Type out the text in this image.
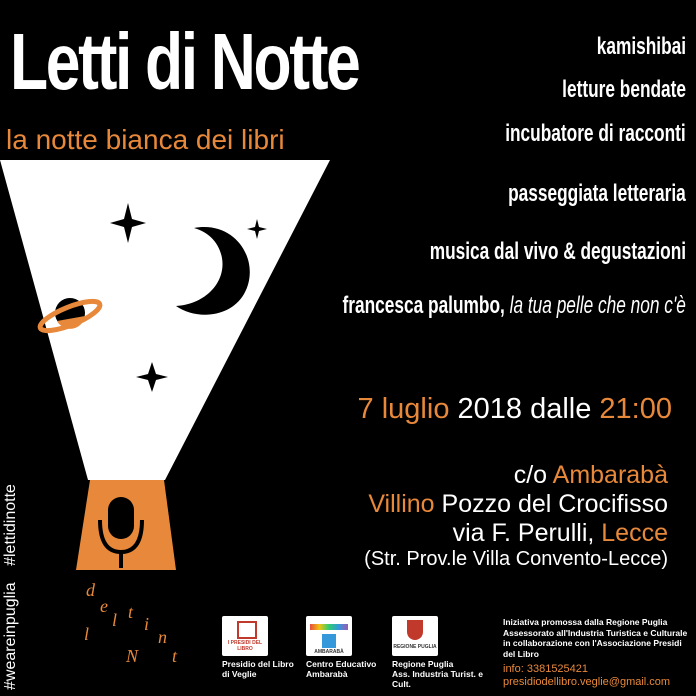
d
e
l
l t
i
n
t
N
Letti di Notte
la notte bianca dei libri
kamishibai
letture bendate
incubatore di racconti
passeggiata letteraria
musica dal vivo & degustazioni
francesca palumbo, la tua pelle che non c'è
7 luglio 2018 dalle 21:00
c/o Ambarabà
Villino Pozzo del Crocifisso
via F. Perulli, Lecce
(Str. Prov.le Villa Convento-Lecce)
#weareinpuglia #lettidinotte
I PRESIDI DEL LIBRO
Presidio del Libro
di Veglie
AMBARABÀ
Centro Educativo
Ambarabà
REGIONE PUGLIA
Regione Puglia
Ass. Industria Turist. e Cult.
Iniziativa promossa dalla Regione Puglia
Assessorato all'Industria Turistica e Culturale
in collaborazione con l'Associazione Presidi del Libro
info: 3381525421
presidiodellibro.veglie@gmail.com
